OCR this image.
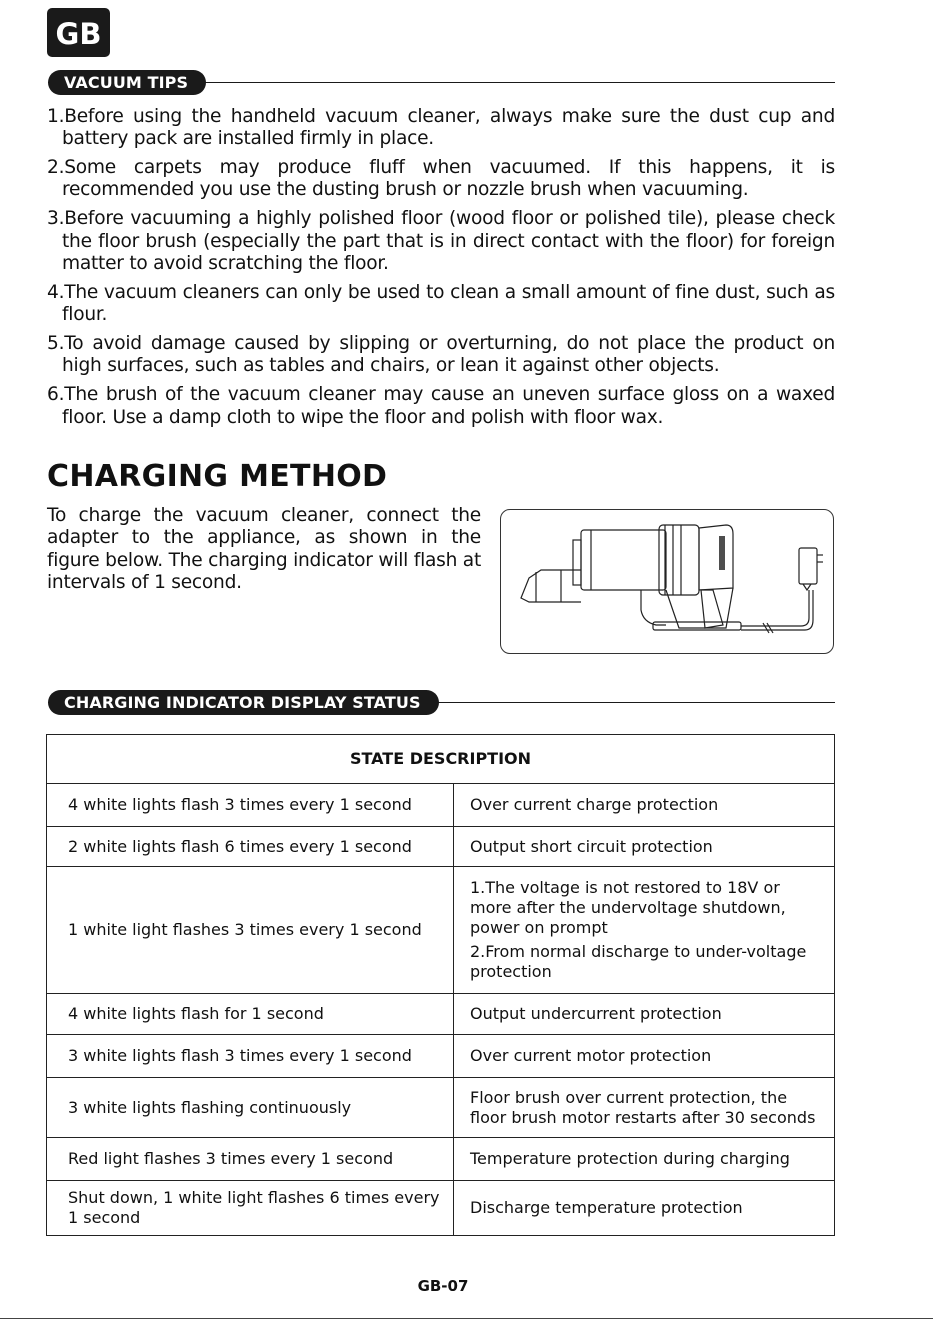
GB
VACUUM TIPS
1.Before using the handheld vacuum cleaner, always make sure the dust cup and battery pack are installed firmly in place.
2.Some carpets may produce fluff when vacuumed. If this happens, it is recommended you use the dusting brush or nozzle brush when vacuuming.
3.Before vacuuming a highly polished floor (wood floor or polished tile), please check the floor brush (especially the part that is in direct contact with the floor) for foreign matter to avoid scratching the floor.
4.The vacuum cleaners can only be used to clean a small amount of fine dust, such as flour.
5.To avoid damage caused by slipping or overturning, do not place the product on high surfaces, such as tables and chairs, or lean it against other objects.
6.The brush of the vacuum cleaner may cause an uneven surface gloss on a waxed floor. Use a damp cloth to wipe the floor and polish with floor wax.
CHARGING METHOD

To charge the vacuum cleaner, connect the adapter to the appliance, as shown in the figure below. The charging indicator will flash at intervals of 1 second.

CHARGING INDICATOR DISPLAY STATUS
STATE DESCRIPTION	
4 white lights flash 3 times every 1 second	Over current charge protection
2 white lights flash 6 times every 1 second	Output short circuit protection
1 white light flashes 3 times every 1 second	1.The voltage is not restored to 18V or more after the undervoltage shutdown, power on prompt

2.From normal discharge to under-voltage protection

4 white lights flash for 1 second	Output undercurrent protection
3 white lights flash 3 times every 1 second	Over current motor protection
3 white lights flashing continuously	Floor brush over current protection, the floor brush motor restarts after 30 seconds
Red light flashes 3 times every 1 second	Temperature protection during charging
Shut down, 1 white light flashes 6 times every 1 second	Discharge temperature protection
GB-07
